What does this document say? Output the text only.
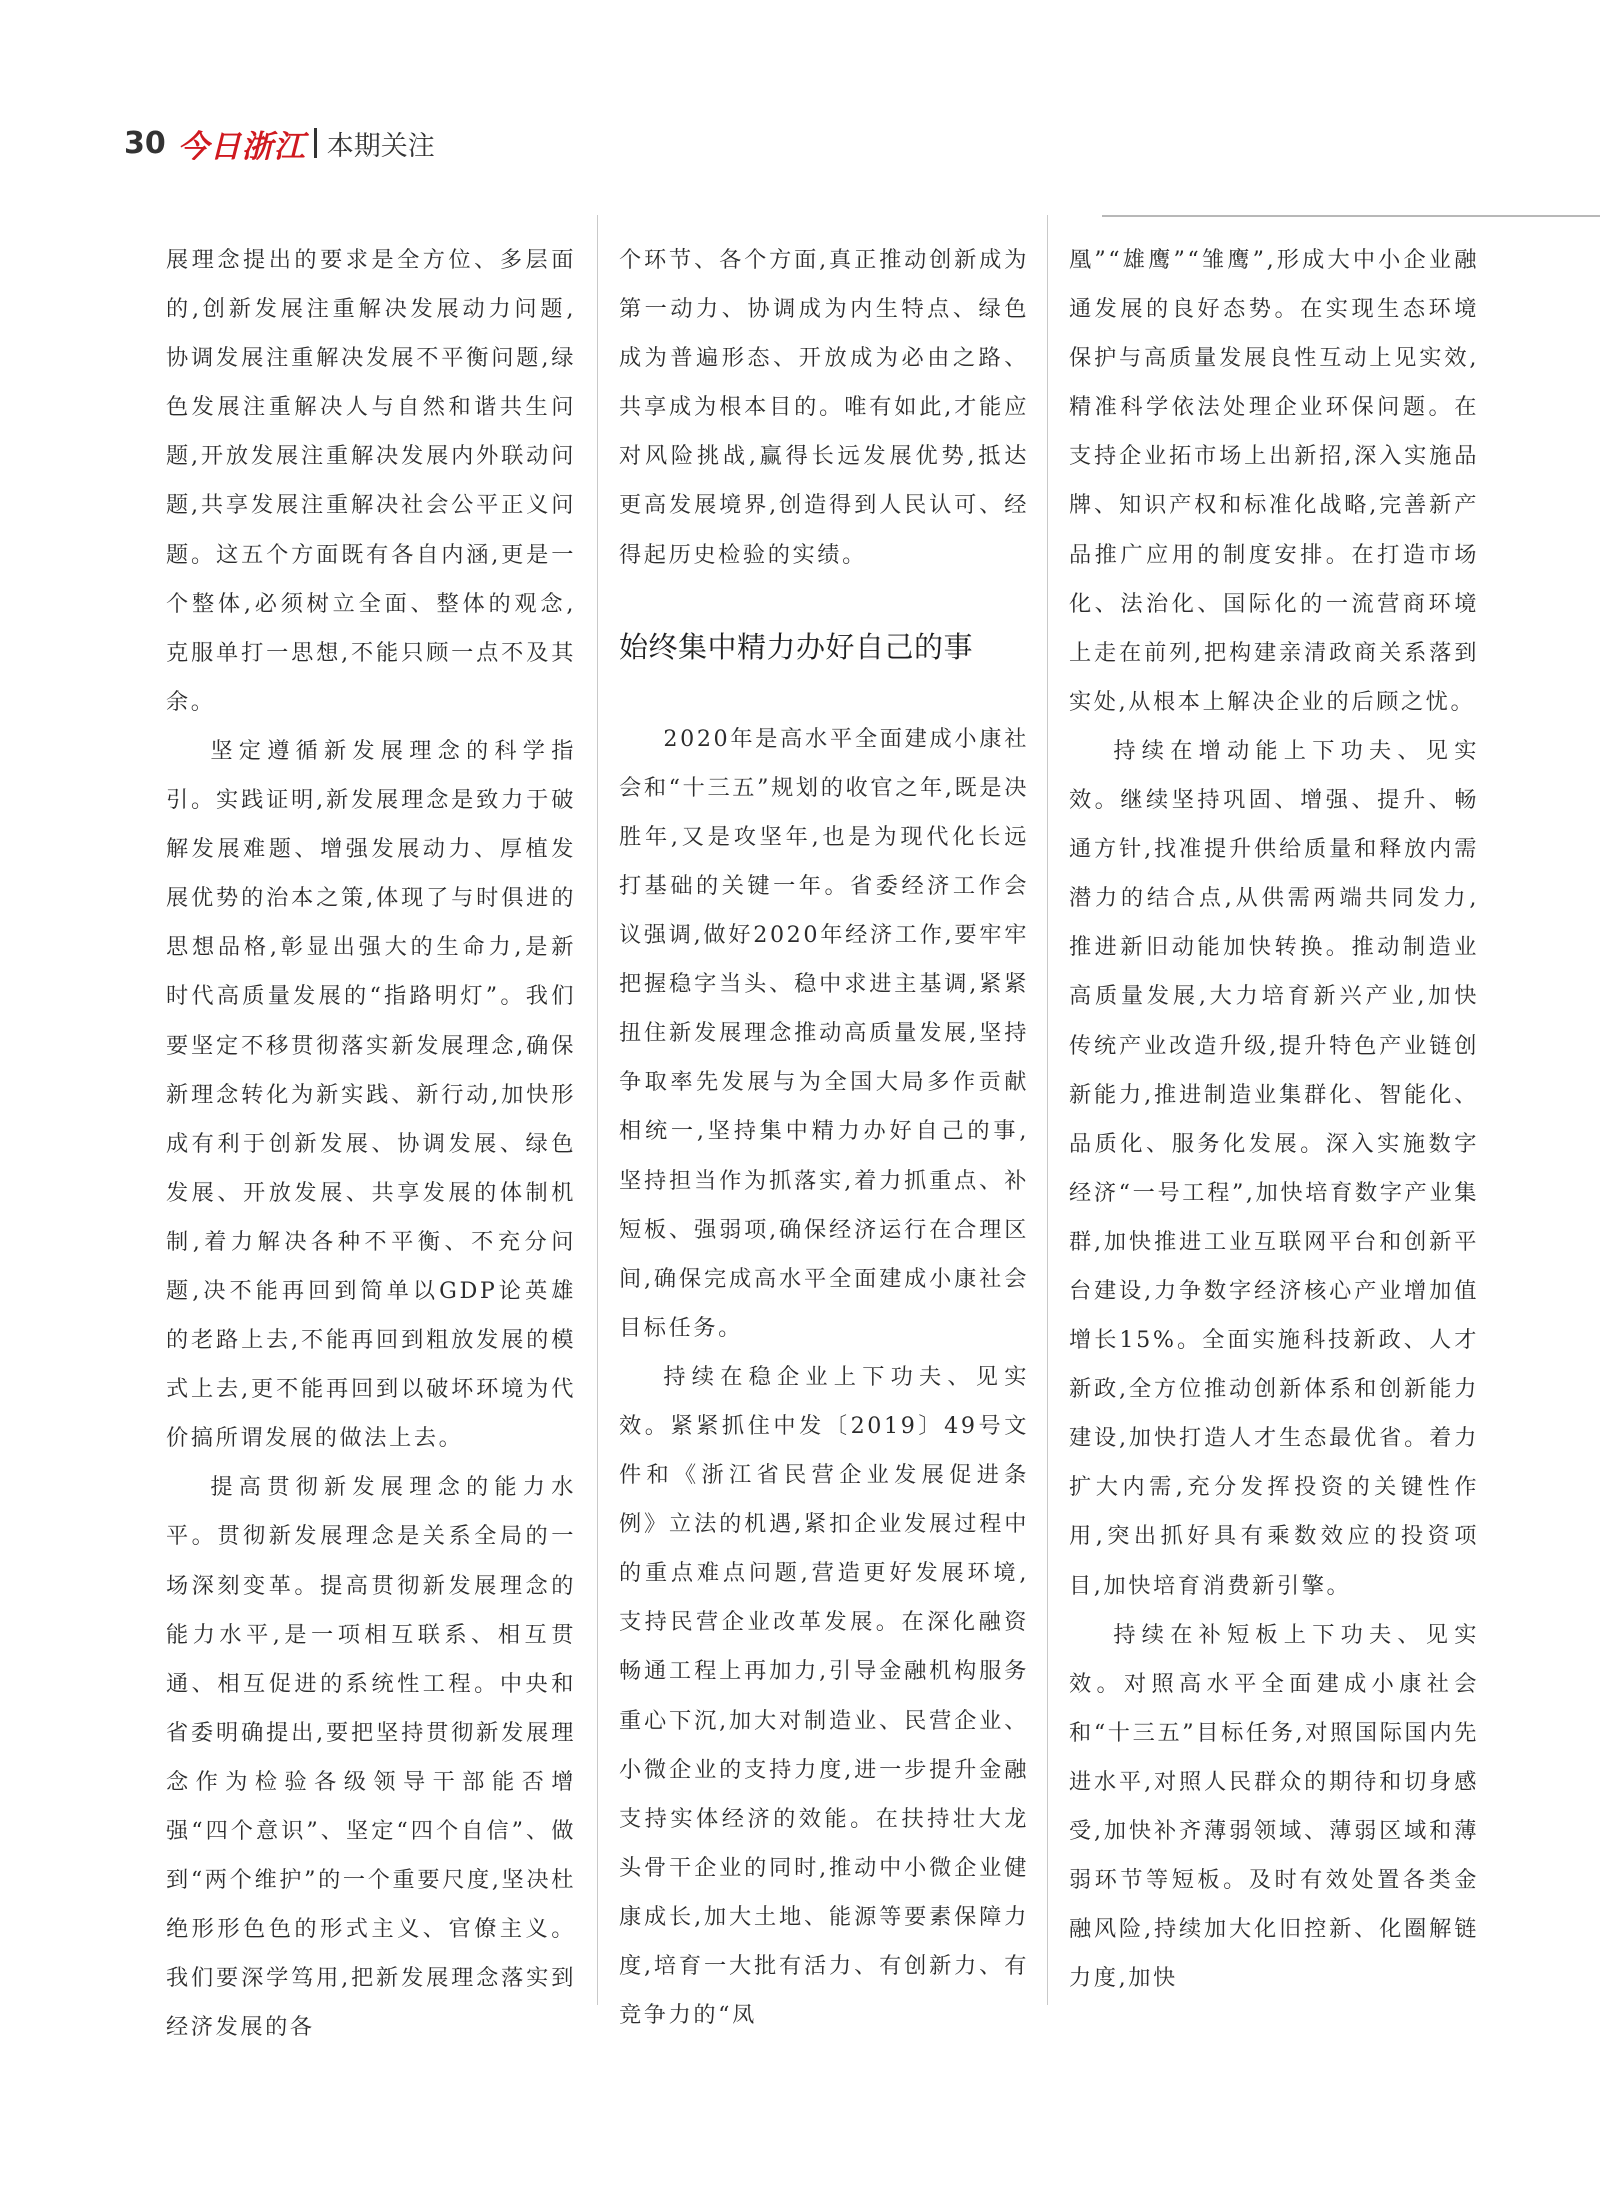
30 今日浙江 本期关注

展理念提出的要求是全方位、多层面的,创新发展注重解决发展动力问题,协调发展注重解决发展不平衡问题,绿色发展注重解决人与自然和谐共生问题,开放发展注重解决发展内外联动问题,共享发展注重解决社会公平正义问题。这五个方面既有各自内涵,更是一个整体,必须树立全面、整体的观念,克服单打一思想,不能只顾一点不及其余。

坚定遵循新发展理念的科学指引。实践证明,新发展理念是致力于破解发展难题、增强发展动力、厚植发展优势的治本之策,体现了与时俱进的思想品格,彰显出强大的生命力,是新时代高质量发展的“指路明灯”。我们要坚定不移贯彻落实新发展理念,确保新理念转化为新实践、新行动,加快形成有利于创新发展、协调发展、绿色发展、开放发展、共享发展的体制机制,着力解决各种不平衡、不充分问题,决不能再回到简单以GDP论英雄的老路上去,不能再回到粗放发展的模式上去,更不能再回到以破坏环境为代价搞所谓发展的做法上去。

提高贯彻新发展理念的能力水平。贯彻新发展理念是关系全局的一场深刻变革。提高贯彻新发展理念的能力水平,是一项相互联系、相互贯通、相互促进的系统性工程。中央和省委明确提出,要把坚持贯彻新发展理念作为检验各级领导干部能否增强“四个意识”、坚定“四个自信”、做到“两个维护”的一个重要尺度,坚决杜绝形形色色的形式主义、官僚主义。我们要深学笃用,把新发展理念落实到经济发展的各

个环节、各个方面,真正推动创新成为第一动力、协调成为内生特点、绿色成为普遍形态、开放成为必由之路、共享成为根本目的。唯有如此,才能应对风险挑战,赢得长远发展优势,抵达更高发展境界,创造得到人民认可、经得起历史检验的实绩。

始终集中精力办好自己的事

2020年是高水平全面建成小康社会和“十三五”规划的收官之年,既是决胜年,又是攻坚年,也是为现代化长远打基础的关键一年。省委经济工作会议强调,做好2020年经济工作,要牢牢把握稳字当头、稳中求进主基调,紧紧扭住新发展理念推动高质量发展,坚持争取率先发展与为全国大局多作贡献相统一,坚持集中精力办好自己的事,坚持担当作为抓落实,着力抓重点、补短板、强弱项,确保经济运行在合理区间,确保完成高水平全面建成小康社会目标任务。

持续在稳企业上下功夫、见实效。紧紧抓住中发〔2019〕49号文件和《浙江省民营企业发展促进条例》立法的机遇,紧扣企业发展过程中的重点难点问题,营造更好发展环境,支持民营企业改革发展。在深化融资畅通工程上再加力,引导金融机构服务重心下沉,加大对制造业、民营企业、小微企业的支持力度,进一步提升金融支持实体经济的效能。在扶持壮大龙头骨干企业的同时,推动中小微企业健康成长,加大土地、能源等要素保障力度,培育一大批有活力、有创新力、有竞争力的“凤

凰”“雄鹰”“雏鹰”,形成大中小企业融通发展的良好态势。在实现生态环境保护与高质量发展良性互动上见实效,精准科学依法处理企业环保问题。在支持企业拓市场上出新招,深入实施品牌、知识产权和标准化战略,完善新产品推广应用的制度安排。在打造市场化、法治化、国际化的一流营商环境上走在前列,把构建亲清政商关系落到实处,从根本上解决企业的后顾之忧。

持续在增动能上下功夫、见实效。继续坚持巩固、增强、提升、畅通方针,找准提升供给质量和释放内需潜力的结合点,从供需两端共同发力,推进新旧动能加快转换。推动制造业高质量发展,大力培育新兴产业,加快传统产业改造升级,提升特色产业链创新能力,推进制造业集群化、智能化、品质化、服务化发展。深入实施数字经济“一号工程”,加快培育数字产业集群,加快推进工业互联网平台和创新平台建设,力争数字经济核心产业增加值增长15%。全面实施科技新政、人才新政,全方位推动创新体系和创新能力建设,加快打造人才生态最优省。着力扩大内需,充分发挥投资的关键性作用,突出抓好具有乘数效应的投资项目,加快培育消费新引擎。

持续在补短板上下功夫、见实效。对照高水平全面建成小康社会和“十三五”目标任务,对照国际国内先进水平,对照人民群众的期待和切身感受,加快补齐薄弱领域、薄弱区域和薄弱环节等短板。及时有效处置各类金融风险,持续加大化旧控新、化圈解链力度,加快
